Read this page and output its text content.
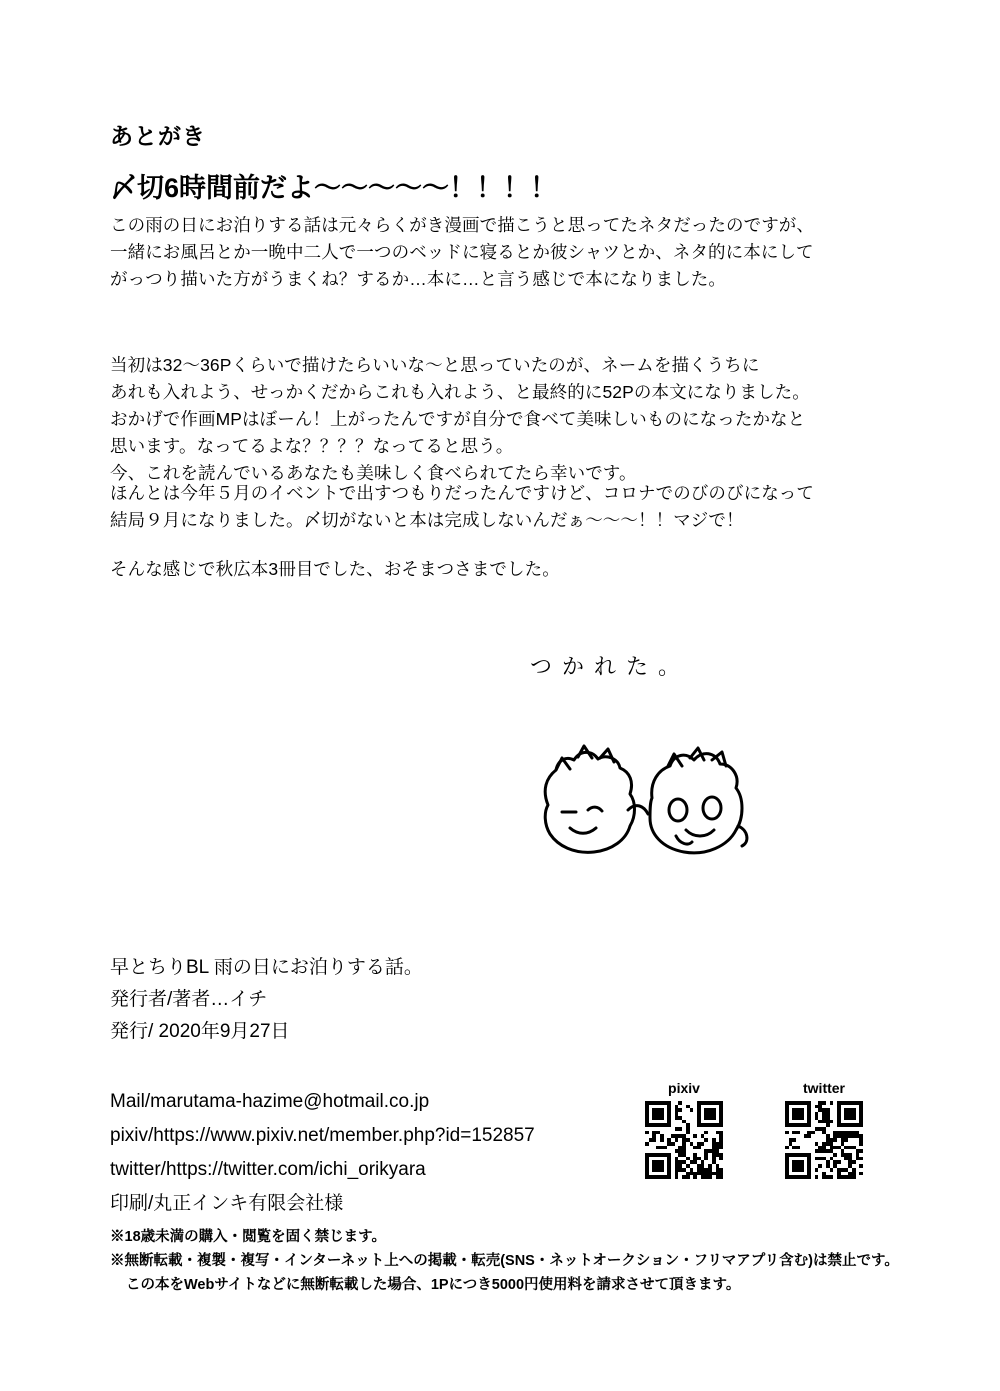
あとがき
〆切6時間前だよ〜〜〜〜〜！！！！
この雨の日にお泊りする話は元々らくがき漫画で描こうと思ってたネタだったのですが、
一緒にお風呂とか一晩中二人で一つのベッドに寝るとか彼シャツとか、ネタ的に本にして
がっつり描いた方がうまくね？するか…本に…と言う感じで本になりました。
当初は32〜36Pくらいで描けたらいいな〜と思っていたのが、ネームを描くうちに
あれも入れよう、せっかくだからこれも入れよう、と最終的に52Pの本文になりました。
おかげで作画MPはぼーん！上がったんですが自分で食べて美味しいものになったかなと
思います。なってるよな？？？？なってると思う。
今、これを読んでいるあなたも美味しく食べられてたら幸いです。
ほんとは今年５月のイベントで出すつもりだったんですけど、コロナでのびのびになって
結局９月になりました。〆切がないと本は完成しないんだぁ〜〜〜！！マジで！
そんな感じで秋広本3冊目でした、おそまつさまでした。
つかれた。
早とちりBL 雨の日にお泊りする話。
発行者/著者…イチ
発行/ 2020年9月27日
Mail/marutama-hazime@hotmail.co.jp
pixiv/https://www.pixiv.net/member.php?id=152857
twitter/https://twitter.com/ichi_orikyara
印刷/丸正インキ有限会社様
pixiv	twitter
※18歳未満の購入・閲覧を固く禁じます。
※無断転載・複製・複写・インターネット上への掲載・転売(SNS・ネットオークション・フリマアプリ含む)は禁止です。
この本をWebサイトなどに無断転載した場合、1Pにつき5000円使用料を請求させて頂きます。
